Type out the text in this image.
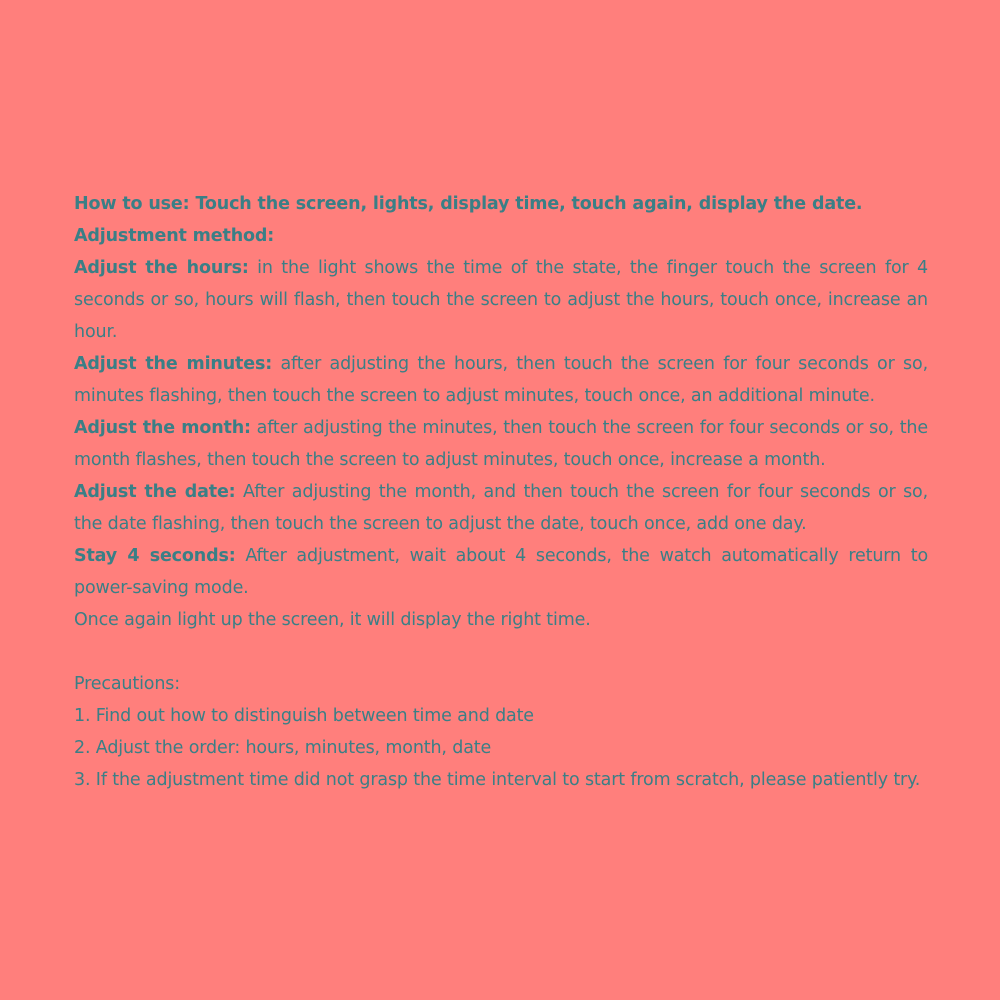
How to use: Touch the screen, lights, display time, touch again, display the date.

Adjustment method:

Adjust the hours: in the light shows the time of the state, the finger touch the screen for 4 seconds or so, hours will flash, then touch the screen to adjust the hours, touch once, increase an hour.

Adjust the minutes: after adjusting the hours, then touch the screen for four seconds or so, minutes flashing, then touch the screen to adjust minutes, touch once, an additional minute.

Adjust the month: after adjusting the minutes, then touch the screen for four seconds or so, the month flashes, then touch the screen to adjust minutes, touch once, increase a month.

Adjust the date: After adjusting the month, and then touch the screen for four seconds or so, the date flashing, then touch the screen to adjust the date, touch once, add one day.

Stay 4 seconds: After adjustment, wait about 4 seconds, the watch automatically return to power-saving mode.

Once again light up the screen, it will display the right time.

Precautions:

1. Find out how to distinguish between time and date

2. Adjust the order: hours, minutes, month, date

3. If the adjustment time did not grasp the time interval to start from scratch, please patiently try.
